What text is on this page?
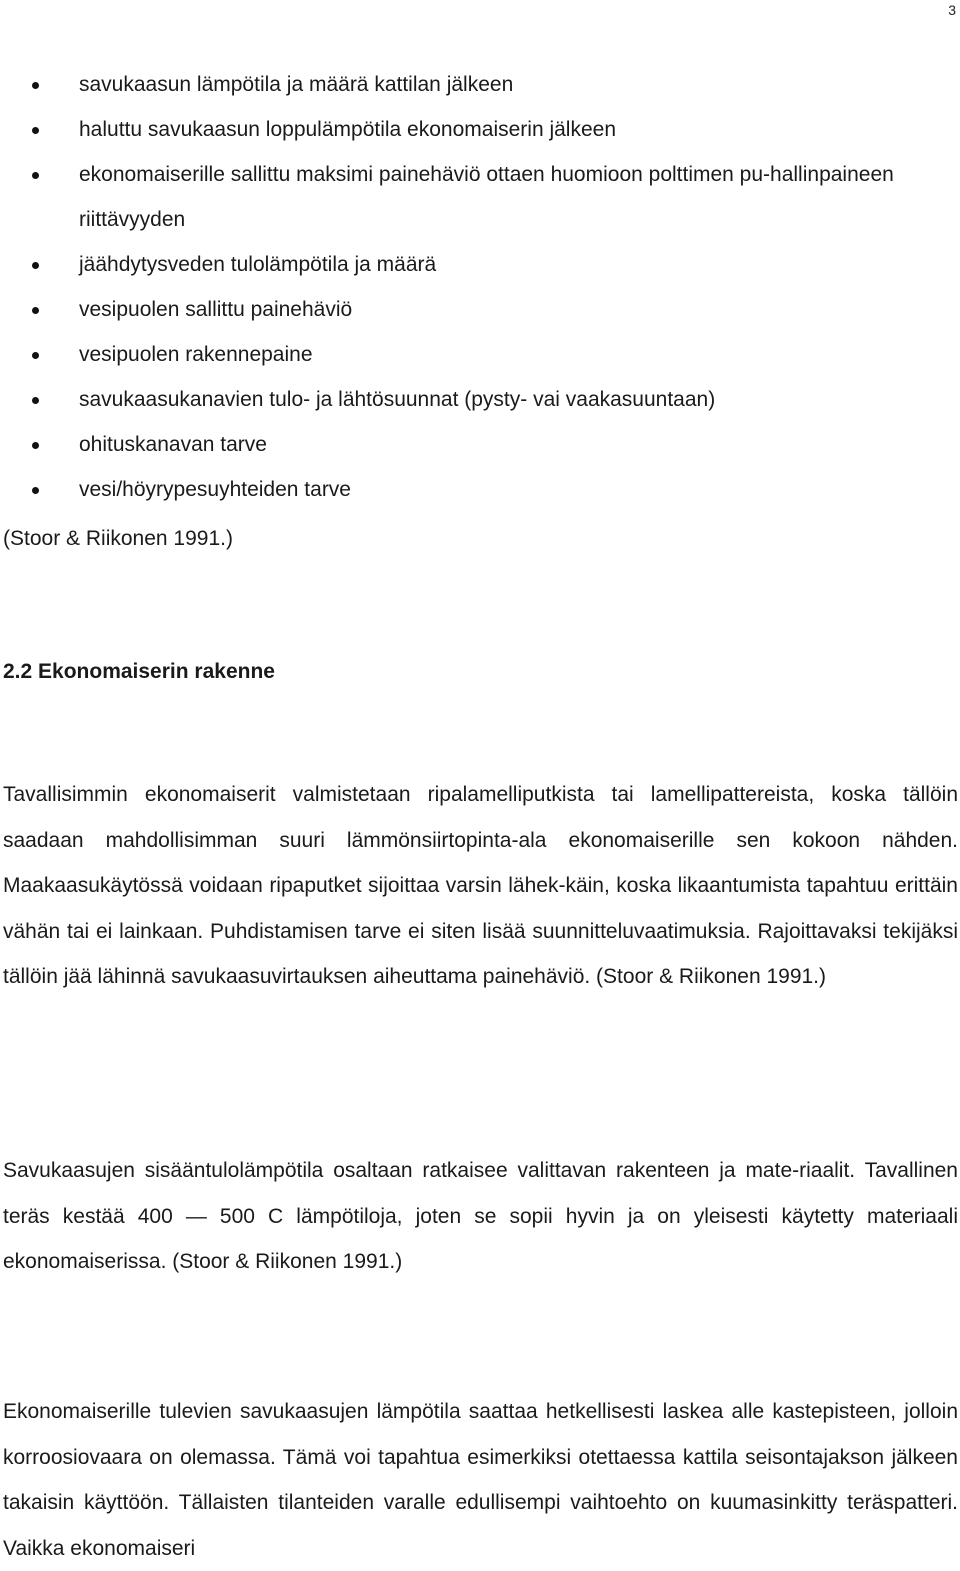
3
savukaasun lämpötila ja määrä kattilan jälkeen
haluttu savukaasun loppulämpötila ekonomaiserin jälkeen
ekonomaiserille sallittu maksimi painehäviö ottaen huomioon polttimen pu-hallinpaineen riittävyyden
jäähdytysveden tulolämpötila ja määrä
vesipuolen sallittu painehäviö
vesipuolen rakennepaine
savukaasukanavien tulo- ja lähtösuunnat (pysty- vai vaakasuuntaan)
ohituskanavan tarve
vesi/höyrypesuyhteiden tarve
(Stoor & Riikonen 1991.)
2.2 Ekonomaiserin rakenne

Tavallisimmin ekonomaiserit valmistetaan ripalamelliputkista tai lamellipattereista, koska tällöin saadaan mahdollisimman suuri lämmönsiirtopinta-ala ekonomaiserille sen kokoon nähden. Maakaasukäytössä voidaan ripaputket sijoittaa varsin lähek-käin, koska likaantumista tapahtuu erittäin vähän tai ei lainkaan. Puhdistamisen tarve ei siten lisää suunnitteluvaatimuksia. Rajoittavaksi tekijäksi tällöin jää lähinnä savukaasuvirtauksen aiheuttama painehäviö. (Stoor & Riikonen 1991.)

Savukaasujen sisääntulolämpötila osaltaan ratkaisee valittavan rakenteen ja mate-riaalit. Tavallinen teräs kestää 400 — 500 C lämpötiloja, joten se sopii hyvin ja on yleisesti käytetty materiaali ekonomaiserissa. (Stoor & Riikonen 1991.)

Ekonomaiserille tulevien savukaasujen lämpötila saattaa hetkellisesti laskea alle kastepisteen, jolloin korroosiovaara on olemassa. Tämä voi tapahtua esimerkiksi otettaessa kattila seisontajakson jälkeen takaisin käyttöön. Tällaisten tilanteiden varalle edullisempi vaihtoehto on kuumasinkitty teräspatteri. Vaikka ekonomaiseri
